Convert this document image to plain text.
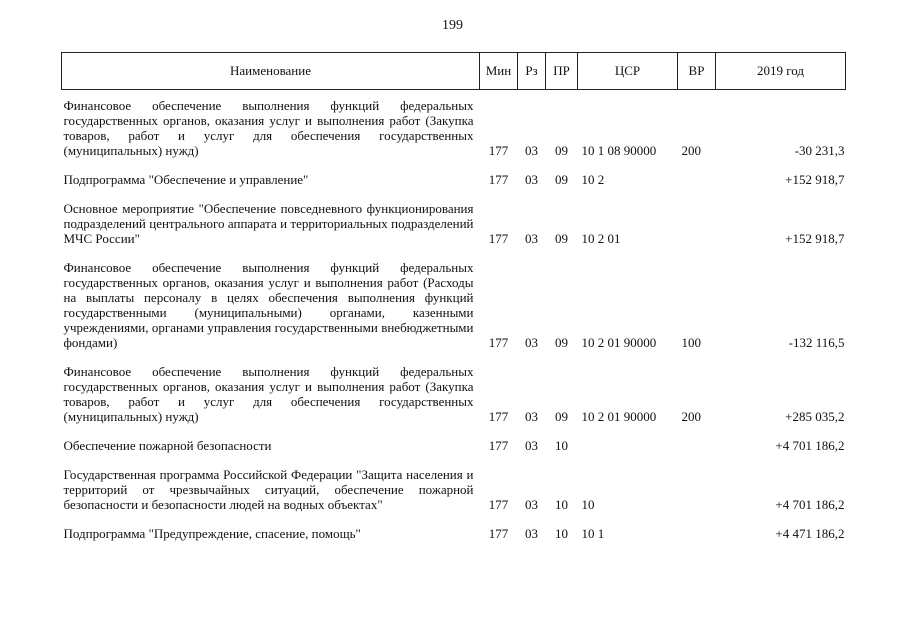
199
Наименование	Мин	Рз	ПР	ЦСР	ВР	2019 год
Финансовое обеспечение выполнения функций федеральных государственных органов, оказания услуг и выполнения работ (Закупка товаров, работ и услуг для обеспечения государственных (муниципальных) нужд)	177	03	09	10 1 08 90000	200	-30 231,3
Подпрограмма "Обеспечение и управление"	177	03	09	10 2		+152 918,7
Основное мероприятие "Обеспечение повседневного функционирования подразделений центрального аппарата и территориальных подразделений МЧС России"	177	03	09	10 2 01		+152 918,7
Финансовое обеспечение выполнения функций федеральных государственных органов, оказания услуг и выполнения работ (Расходы на выплаты персоналу в целях обеспечения выполнения функций государственными (муниципальными) органами, казенными учреждениями, органами управления государственными внебюджетными фондами)	177	03	09	10 2 01 90000	100	-132 116,5
Финансовое обеспечение выполнения функций федеральных государственных органов, оказания услуг и выполнения работ (Закупка товаров, работ и услуг для обеспечения государственных (муниципальных) нужд)	177	03	09	10 2 01 90000	200	+285 035,2
Обеспечение пожарной безопасности	177	03	10			+4 701 186,2
Государственная программа Российской Федерации "Защита населения и территорий от чрезвычайных ситуаций, обеспечение пожарной безопасности и безопасности людей на водных объектах"	177	03	10	10		+4 701 186,2
Подпрограмма "Предупреждение, спасение, помощь"	177	03	10	10 1		+4 471 186,2
